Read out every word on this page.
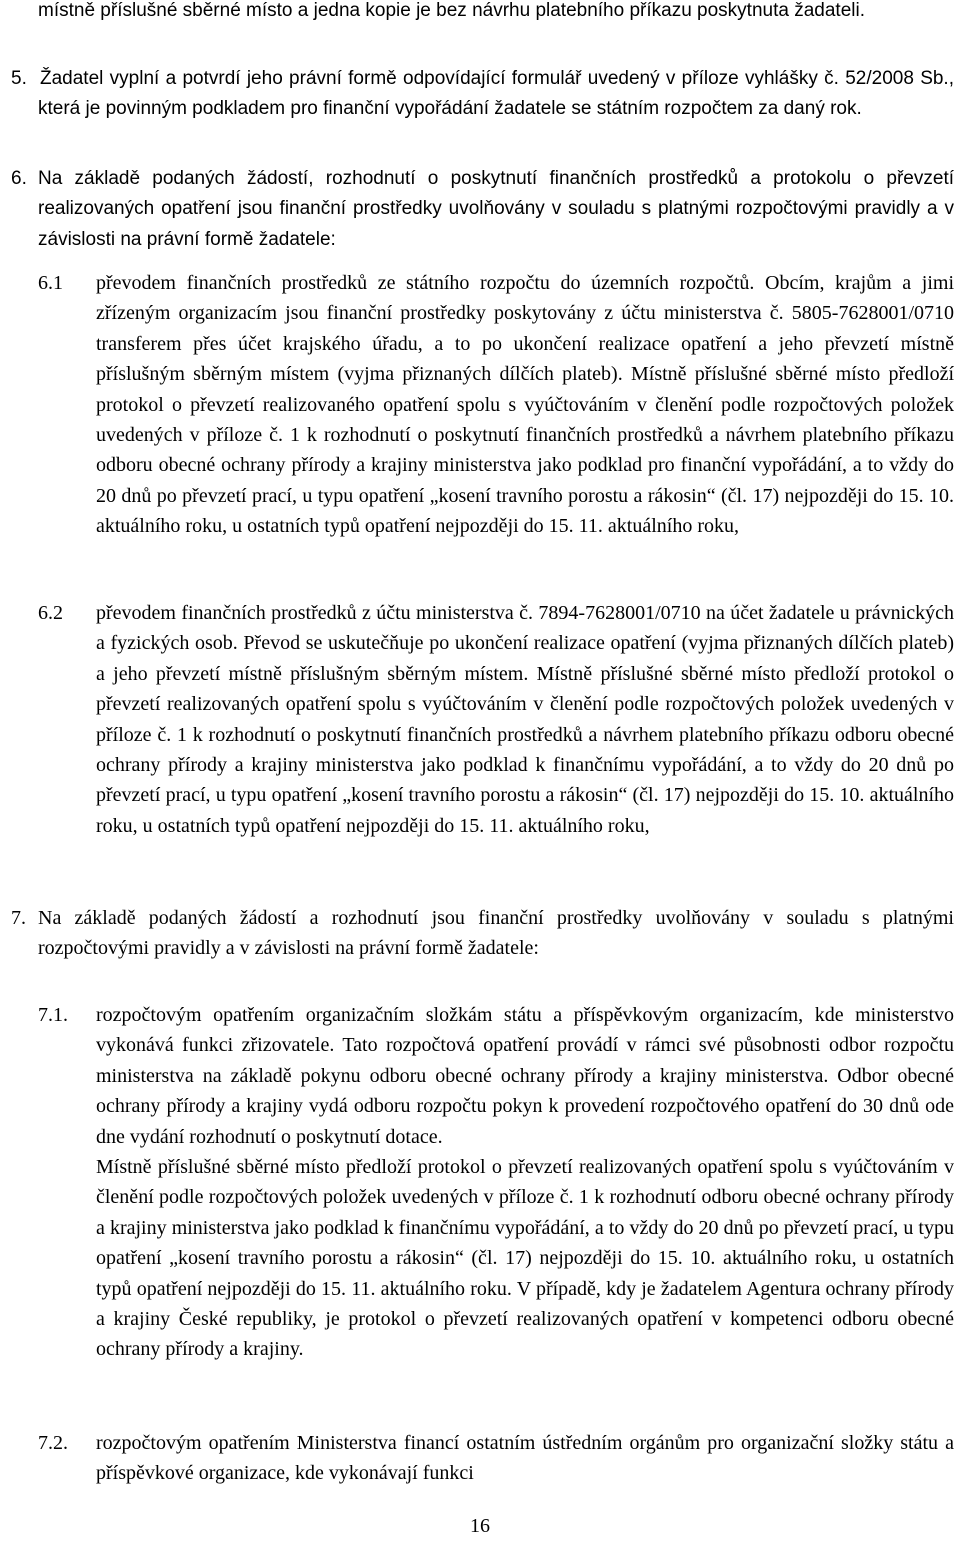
místně příslušné sběrné místo a jedna kopie je bez návrhu platebního příkazu poskytnuta žadateli.

5. Žadatel vyplní a potvrdí jeho právní formě odpovídající formulář uvedený v příloze vyhlášky č. 52/2008 Sb., která je povinným podkladem pro finanční vypořádání žadatele se státním rozpočtem za daný rok.

6. Na základě podaných žádostí, rozhodnutí o poskytnutí finančních prostředků a protokolu o převzetí realizovaných opatření jsou finanční prostředky uvolňovány v souladu s platnými rozpočtovými pravidly a v závislosti na právní formě žadatele:

6.1 převodem finančních prostředků ze státního rozpočtu do územních rozpočtů. Obcím, krajům a jimi zřízeným organizacím jsou finanční prostředky poskytovány z účtu ministerstva č. 5805-7628001/0710 transferem přes účet krajského úřadu, a to po ukončení realizace opatření a jeho převzetí místně příslušným sběrným místem (vyjma přiznaných dílčích plateb). Místně příslušné sběrné místo předloží protokol o převzetí realizovaného opatření spolu s vyúčtováním v členění podle rozpočtových položek uvedených v příloze č. 1 k rozhodnutí o poskytnutí finančních prostředků a návrhem platebního příkazu odboru obecné ochrany přírody a krajiny ministerstva jako podklad pro finanční vypořádání, a to vždy do 20 dnů po převzetí prací, u typu opatření „kosení travního porostu a rákosin“ (čl. 17) nejpozději do 15. 10. aktuálního roku, u ostatních typů opatření nejpozději do 15. 11. aktuálního roku,

6.2 převodem finančních prostředků z účtu ministerstva č. 7894-7628001/0710 na účet žadatele u právnických a fyzických osob. Převod se uskutečňuje po ukončení realizace opatření (vyjma přiznaných dílčích plateb) a jeho převzetí místně příslušným sběrným místem. Místně příslušné sběrné místo předloží protokol o převzetí realizovaných opatření spolu s vyúčtováním v členění podle rozpočtových položek uvedených v příloze č. 1 k rozhodnutí o poskytnutí finančních prostředků a návrhem platebního příkazu odboru obecné ochrany přírody a krajiny ministerstva jako podklad k finančnímu vypořádání, a to vždy do 20 dnů po převzetí prací, u typu opatření „kosení travního porostu a rákosin“ (čl. 17) nejpozději do 15. 10. aktuálního roku, u ostatních typů opatření nejpozději do 15. 11. aktuálního roku,

7. Na základě podaných žádostí a rozhodnutí jsou finanční prostředky uvolňovány v souladu s platnými rozpočtovými pravidly a v závislosti na právní formě žadatele:

7.1. rozpočtovým opatřením organizačním složkám státu a příspěvkovým organizacím, kde ministerstvo vykonává funkci zřizovatele. Tato rozpočtová opatření provádí v rámci své působnosti odbor rozpočtu ministerstva na základě pokynu odboru obecné ochrany přírody a krajiny ministerstva. Odbor obecné ochrany přírody a krajiny vydá odboru rozpočtu pokyn k provedení rozpočtového opatření do 30 dnů ode dne vydání rozhodnutí o poskytnutí dotace.

Místně příslušné sběrné místo předloží protokol o převzetí realizovaných opatření spolu s vyúčtováním v členění podle rozpočtových položek uvedených v příloze č. 1 k rozhodnutí odboru obecné ochrany přírody a krajiny ministerstva jako podklad k finančnímu vypořádání, a to vždy do 20 dnů po převzetí prací, u typu opatření „kosení travního porostu a rákosin“ (čl. 17) nejpozději do 15. 10. aktuálního roku, u ostatních typů opatření nejpozději do 15. 11. aktuálního roku. V případě, kdy je žadatelem Agentura ochrany přírody a krajiny České republiky, je protokol o převzetí realizovaných opatření v kompetenci odboru obecné ochrany přírody a krajiny.

7.2. rozpočtovým opatřením Ministerstva financí ostatním ústředním orgánům pro organizační složky státu a příspěvkové organizace, kde vykonávají funkci

16
